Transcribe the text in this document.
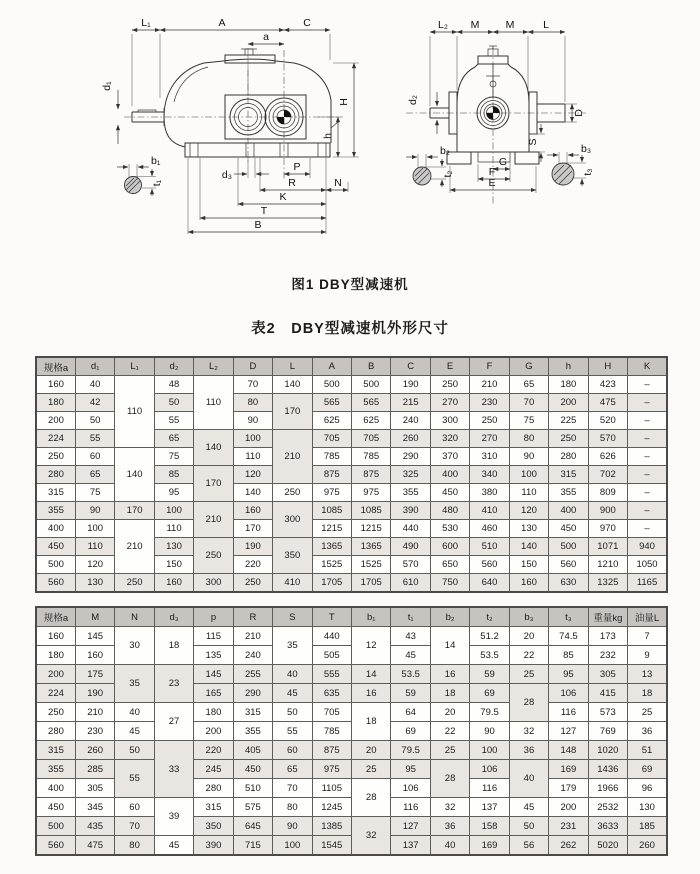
L₁	A	C
a
d₁
H
h
d₃
P
R	N
K
T
B
b₁
t₁
L₂ M	M	L
d₂
D
S
G
F
E
b₂
t₂
b₃
t₃
图1 DBY型减速机
表2　DBY型减速机外形尺寸
规格a	d₁	L₁	d₂	L₂	D	L	A	B	C	E	F	G	h	H	K
160	40	110	48	110	70	140	500	500	190	250	210	65	180	423	–
180	42		50		80	170	565	565	215	270	230	70	200	475	–
200	50		55		90		625	625	240	300	250	75	225	520	–
224	55		65	140	100	210	705	705	260	320	270	80	250	570	–
250	60	140	75		110		785	785	290	370	310	90	280	626	–
280	65		85	170	120		875	875	325	400	340	100	315	702	–
315	75		95		140	250	975	975	355	450	380	110	355	809	–
355	90	170	100	210	160	300	1085	1085	390	480	410	120	400	900	–
400	100	210	110		170		1215	1215	440	530	460	130	450	970	–
450	110		130	250	190	350	1365	1365	490	600	510	140	500	1071	940
500	120		150		220		1525	1525	570	650	560	150	560	1210	1050
560	130	250	160	300	250	410	1705	1705	610	750	640	160	630	1325	1165
规格a	M	N	d₃	p	R	S	T	b₁	t₁	b₂	t₂	b₃	t₃	重量kg	油量L
160	145	30	18	115	210	35	440	12	43	14	51.2	20	74.5	173	7
180	160			135	240		505		45		53.5	22	85	232	9
200	175	35	23	145	255	40	555	14	53.5	16	59	25	95	305	13
224	190			165	290	45	635	16	59	18	69	28	106	415	18
250	210	40	27	180	315	50	705	18	64	20	79.5		116	573	25
280	230	45		200	355	55	785		69	22	90	32	127	769	36
315	260	50	33	220	405	60	875	20	79.5	25	100	36	148	1020	51
355	285	55		245	450	65	975	25	95	28	106	40	169	1436	69
400	305			280	510	70	1105	28	106		116		179	1966	96
450	345	60	39	315	575	80	1245		116	32	137	45	200	2532	130
500	435	70		350	645	90	1385	32	127	36	158	50	231	3633	185
560	475	80	45	390	715	100	1545		137	40	169	56	262	5020	260
